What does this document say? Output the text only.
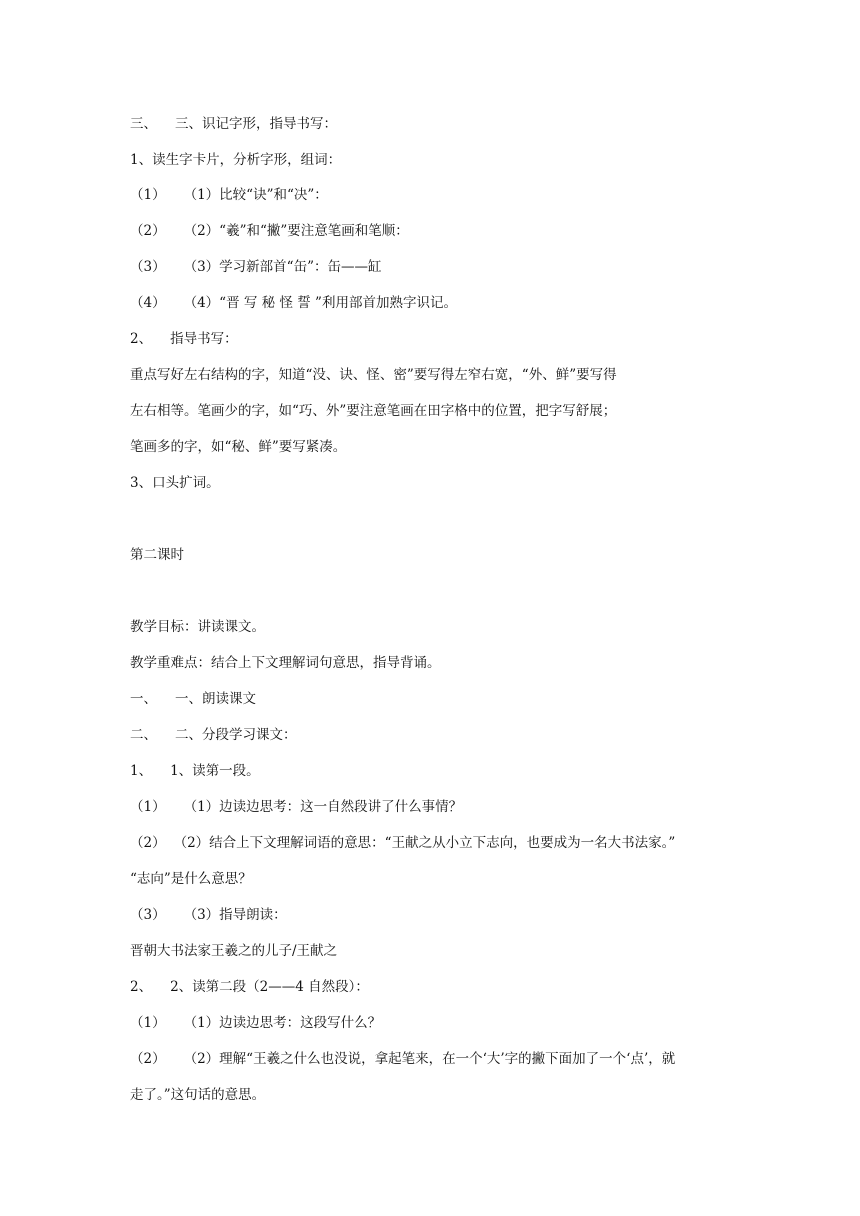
三、 三、识记字形，指导书写：
1、读生字卡片，分析字形，组词：
（1） （1）比较“诀”和“决”：
（2） （2）“羲”和“撇”要注意笔画和笔顺：
（3） （3）学习新部首“缶”：缶——缸
（4） （4）“晋 写 秘 怪 誓 ”利用部首加熟字识记。
2、 指导书写：
重点写好左右结构的字，知道“没、诀、怪、密”要写得左窄右宽，“外、鲜”要写得
左右相等。笔画少的字，如“巧、外”要注意笔画在田字格中的位置，把字写舒展；
笔画多的字，如“秘、鲜”要写紧凑。
3、口头扩词。
第二课时
教学目标：讲读课文。
教学重难点：结合上下文理解词句意思，指导背诵。
一、 一、朗读课文
二、 二、分段学习课文：
1、 1、读第一段。
（1） （1）边读边思考：这一自然段讲了什么事情？
（2） （2）结合上下文理解词语的意思：“王献之从小立下志向，也要成为一名大书法家。”
“志向”是什么意思？
（3） （3）指导朗读：
晋朝大书法家王羲之的儿子/王献之
2、 2、读第二段（2——4 自然段）：
（1） （1）边读边思考：这段写什么？
（2） （2）理解“王羲之什么也没说，拿起笔来，在一个‘大’字的撇下面加了一个‘点’，就
走了。”这句话的意思。
